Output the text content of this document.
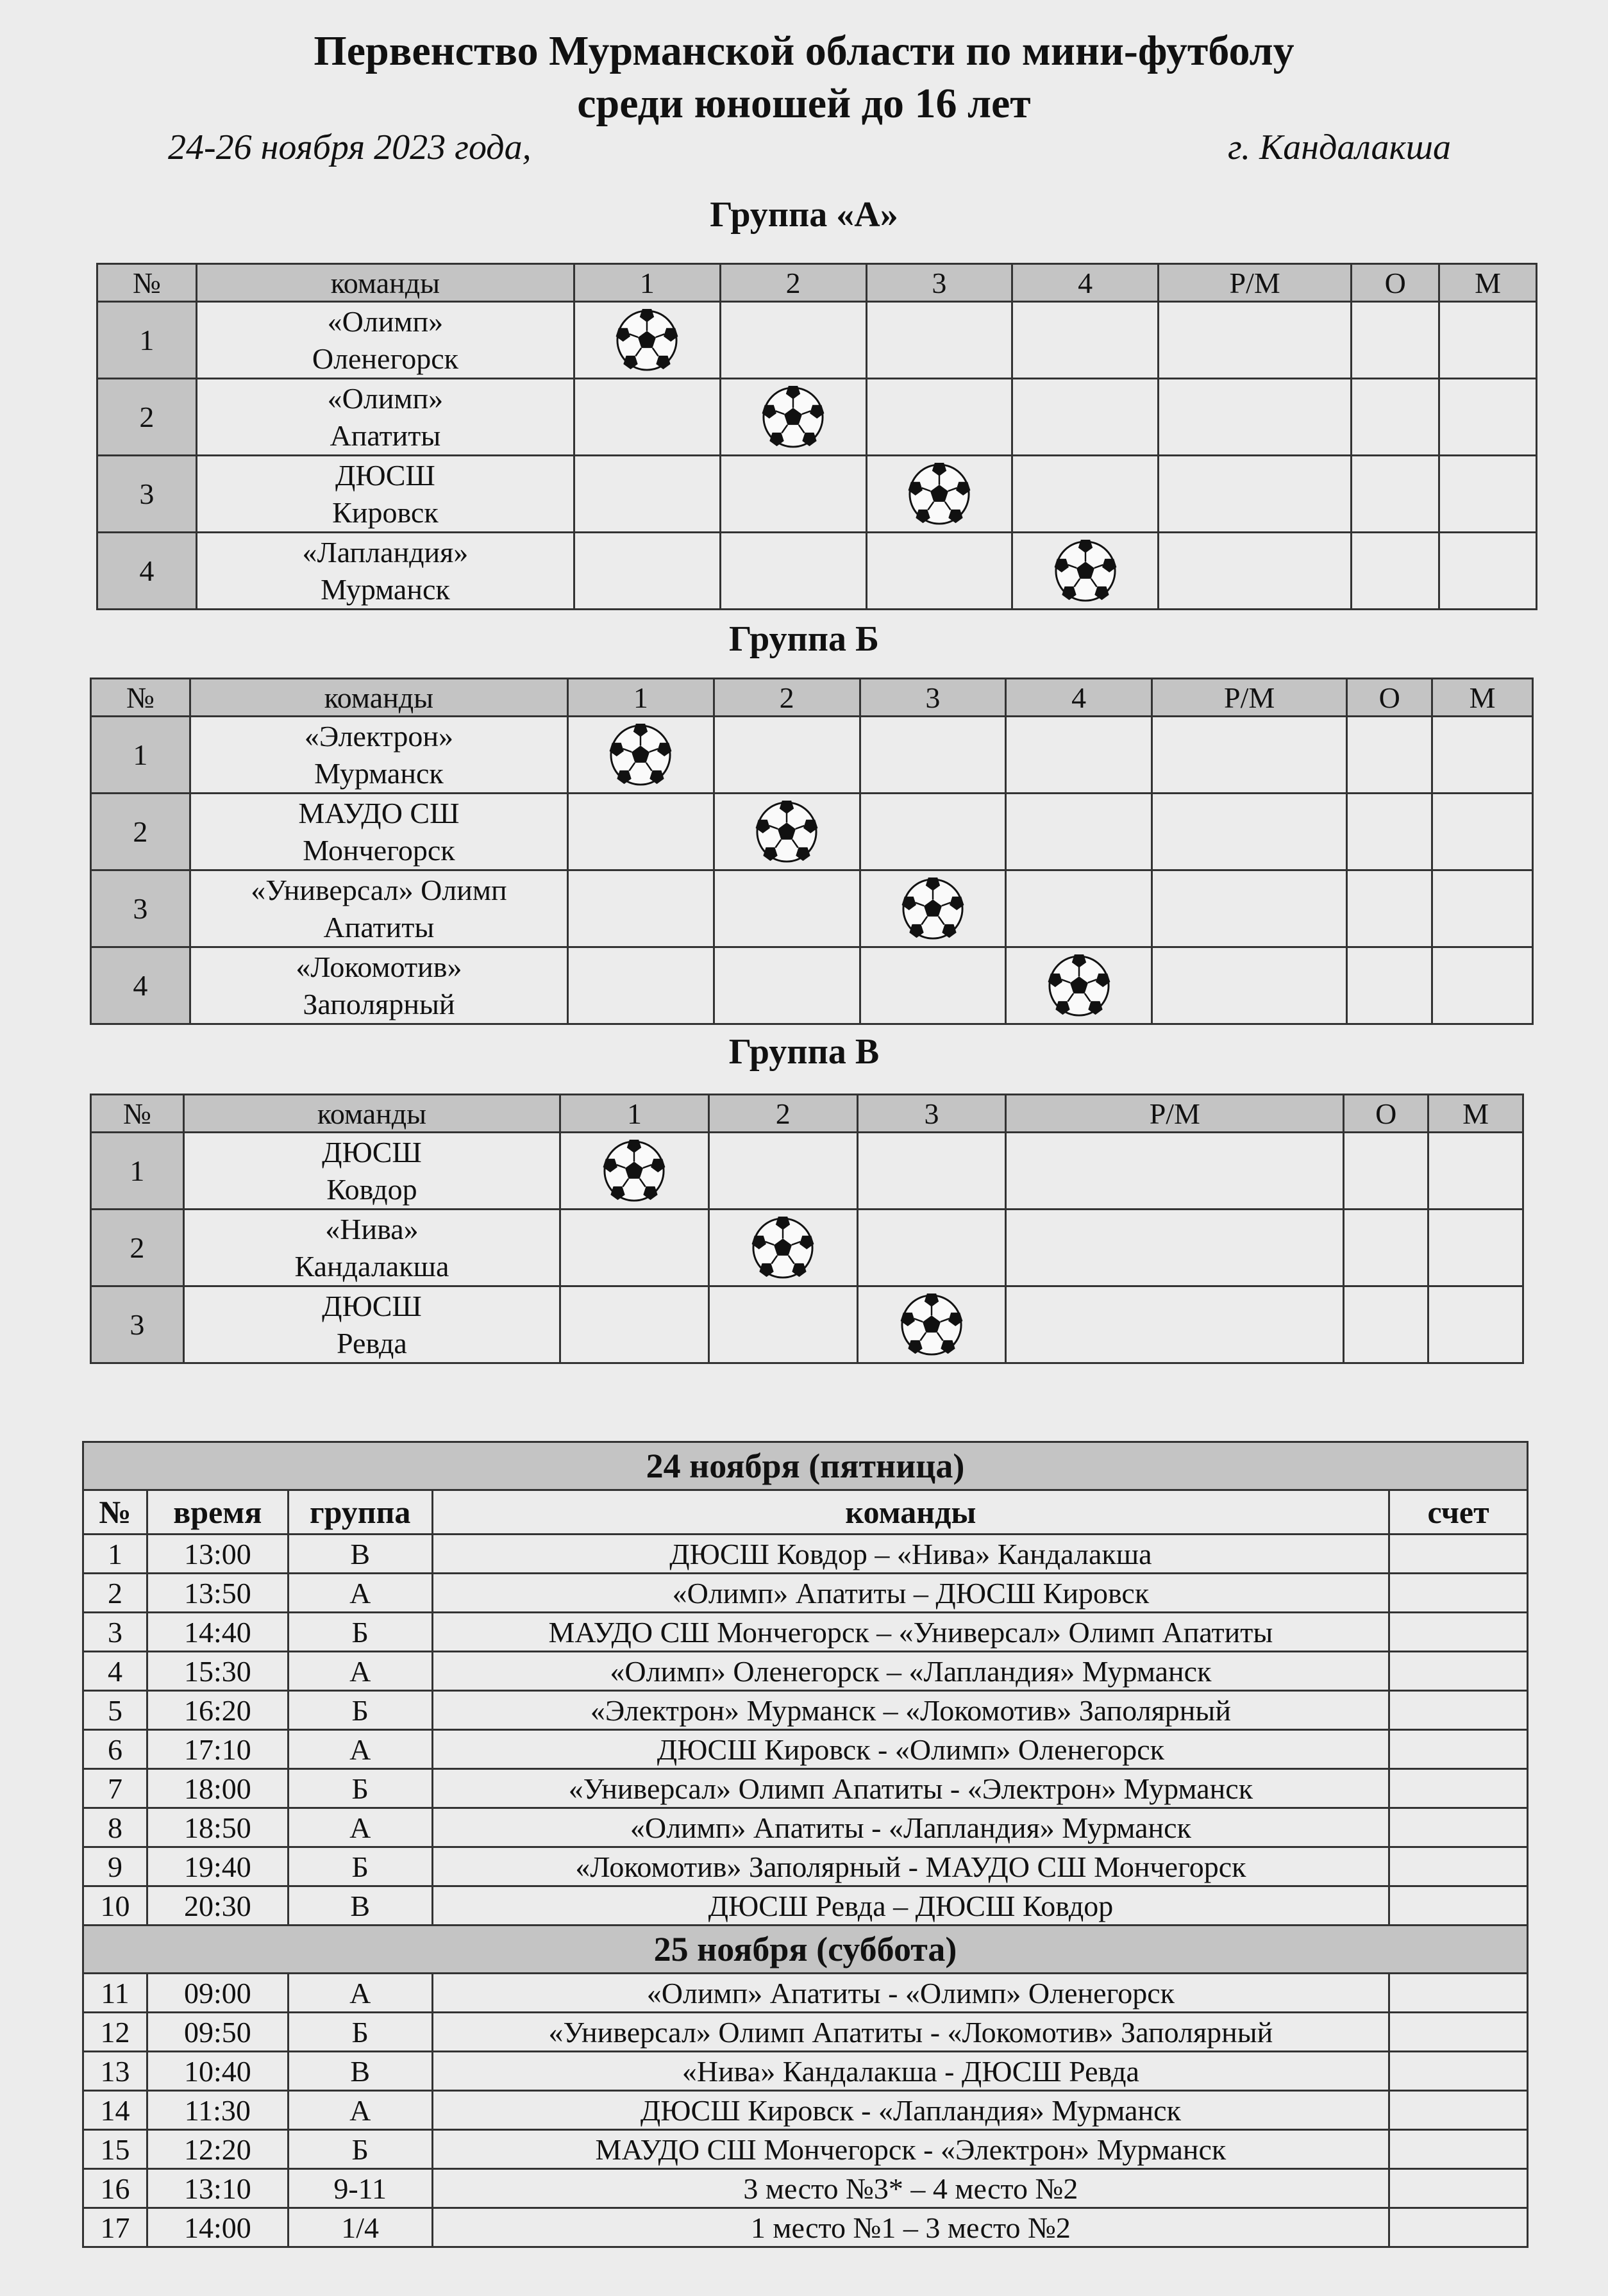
Первенство Мурманской области по мини-футболу
среди юношей до 16 лет
24-26 ноября 2023 года,	г. Кандалакша
Группа «А»
№	команды	1	2	3	4	Р/М	О	М
1	«Олимп»
Оленегорск

2	«Олимп»
Апатиты

3	ДЮСШ
Кировск

4	«Лапландия»
Мурманск

Группа Б
№	команды	1	2	3	4	Р/М	О	М
1	«Электрон»
Мурманск

2	МАУДО СШ
Мончегорск

3	«Универсал» Олимп
Апатиты

4	«Локомотив»
Заполярный

Группа В
№	команды	1	2	3	Р/М	О	М
1	ДЮСШ
Ковдор

2	«Нива»
Кандалакша

3	ДЮСШ
Ревда

24 ноября (пятница)				
№	время	группа	команды	счет
1	13:00	В	ДЮСШ Ковдор – «Нива» Кандалакша	
2	13:50	А	«Олимп» Апатиты – ДЮСШ Кировск	
3	14:40	Б	МАУДО СШ Мончегорск – «Универсал» Олимп Апатиты	
4	15:30	А	«Олимп» Оленегорск – «Лапландия» Мурманск	
5	16:20	Б	«Электрон» Мурманск – «Локомотив» Заполярный	
6	17:10	А	ДЮСШ Кировск - «Олимп» Оленегорск	
7	18:00	Б	«Универсал» Олимп Апатиты - «Электрон» Мурманск	
8	18:50	А	«Олимп» Апатиты - «Лапландия» Мурманск	
9	19:40	Б	«Локомотив» Заполярный - МАУДО СШ Мончегорск	
10	20:30	В	ДЮСШ Ревда – ДЮСШ Ковдор	
25 ноября (суббота)				
11	09:00	А	«Олимп» Апатиты - «Олимп» Оленегорск	
12	09:50	Б	«Универсал» Олимп Апатиты - «Локомотив» Заполярный	
13	10:40	В	«Нива» Кандалакша - ДЮСШ Ревда	
14	11:30	А	ДЮСШ Кировск - «Лапландия» Мурманск	
15	12:20	Б	МАУДО СШ Мончегорск - «Электрон» Мурманск	
16	13:10	9-11	3 место №3* – 4 место №2	
17	14:00	1/4	1 место №1 – 3 место №2	
